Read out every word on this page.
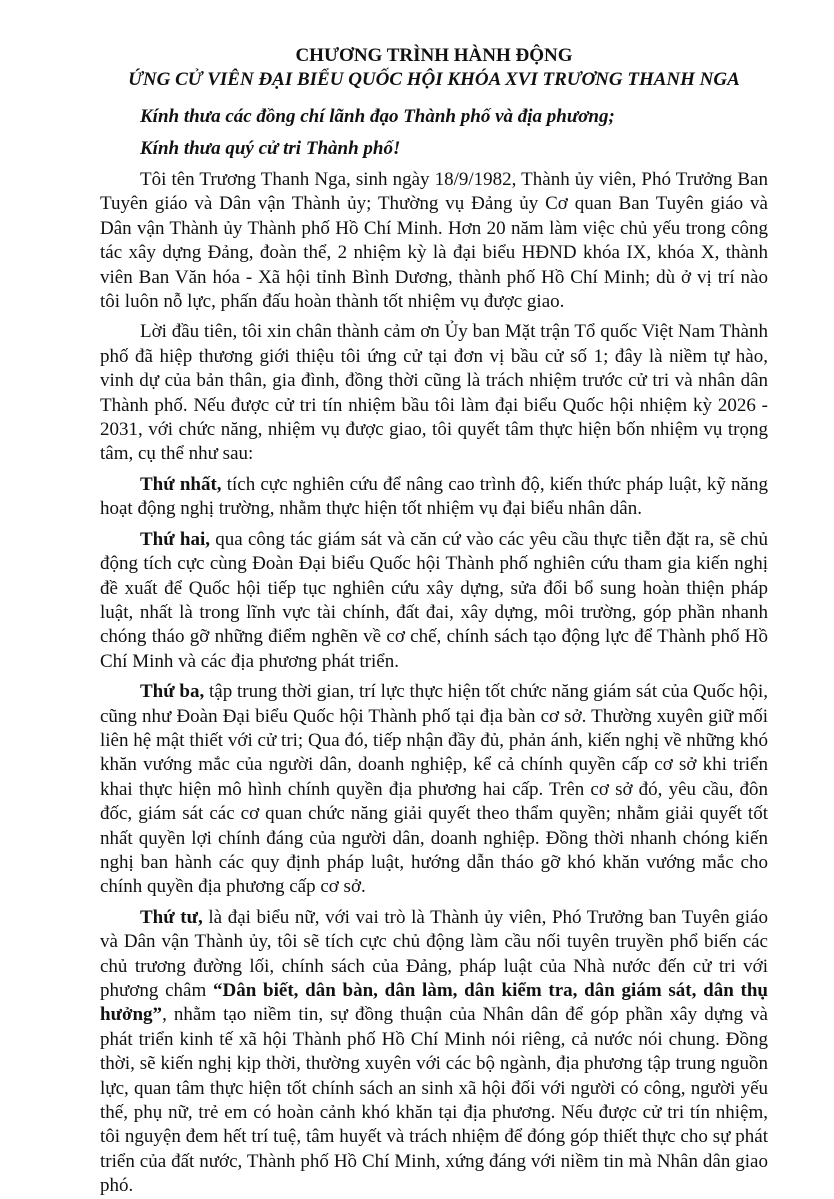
CHƯƠNG TRÌNH HÀNH ĐỘNG

ỨNG CỬ VIÊN ĐẠI BIỂU QUỐC HỘI KHÓA XVI TRƯƠNG THANH NGA

Kính thưa các đồng chí lãnh đạo Thành phố và địa phương;

Kính thưa quý cử tri Thành phố!

Tôi tên Trương Thanh Nga, sinh ngày 18/9/1982, Thành ủy viên, Phó Trưởng Ban Tuyên giáo và Dân vận Thành ủy; Thường vụ Đảng ủy Cơ quan Ban Tuyên giáo và Dân vận Thành ủy Thành phố Hồ Chí Minh. Hơn 20 năm làm việc chủ yếu trong công tác xây dựng Đảng, đoàn thể, 2 nhiệm kỳ là đại biểu HĐND khóa IX, khóa X, thành viên Ban Văn hóa - Xã hội tỉnh Bình Dương, thành phố Hồ Chí Minh; dù ở vị trí nào tôi luôn nỗ lực, phấn đấu hoàn thành tốt nhiệm vụ được giao.

Lời đầu tiên, tôi xin chân thành cảm ơn Ủy ban Mặt trận Tổ quốc Việt Nam Thành phố đã hiệp thương giới thiệu tôi ứng cử tại đơn vị bầu cử số 1; đây là niềm tự hào, vinh dự của bản thân, gia đình, đồng thời cũng là trách nhiệm trước cử tri và nhân dân Thành phố. Nếu được cử tri tín nhiệm bầu tôi làm đại biểu Quốc hội nhiệm kỳ 2026 - 2031, với chức năng, nhiệm vụ được giao, tôi quyết tâm thực hiện bốn nhiệm vụ trọng tâm, cụ thể như sau:

Thứ nhất, tích cực nghiên cứu để nâng cao trình độ, kiến thức pháp luật, kỹ năng hoạt động nghị trường, nhằm thực hiện tốt nhiệm vụ đại biểu nhân dân.

Thứ hai, qua công tác giám sát và căn cứ vào các yêu cầu thực tiễn đặt ra, sẽ chủ động tích cực cùng Đoàn Đại biểu Quốc hội Thành phố nghiên cứu tham gia kiến nghị đề xuất để Quốc hội tiếp tục nghiên cứu xây dựng, sửa đổi bổ sung hoàn thiện pháp luật, nhất là trong lĩnh vực tài chính, đất đai, xây dựng, môi trường, góp phần nhanh chóng tháo gỡ những điểm nghẽn về cơ chế, chính sách tạo động lực để Thành phố Hồ Chí Minh và các địa phương phát triển.

Thứ ba, tập trung thời gian, trí lực thực hiện tốt chức năng giám sát của Quốc hội, cũng như Đoàn Đại biểu Quốc hội Thành phố tại địa bàn cơ sở. Thường xuyên giữ mối liên hệ mật thiết với cử tri; Qua đó, tiếp nhận đầy đủ, phản ánh, kiến nghị về những khó khăn vướng mắc của người dân, doanh nghiệp, kể cả chính quyền cấp cơ sở khi triển khai thực hiện mô hình chính quyền địa phương hai cấp. Trên cơ sở đó, yêu cầu, đôn đốc, giám sát các cơ quan chức năng giải quyết theo thẩm quyền; nhằm giải quyết tốt nhất quyền lợi chính đáng của người dân, doanh nghiệp. Đồng thời nhanh chóng kiến nghị ban hành các quy định pháp luật, hướng dẫn tháo gỡ khó khăn vướng mắc cho chính quyền địa phương cấp cơ sở.

Thứ tư, là đại biểu nữ, với vai trò là Thành ủy viên, Phó Trưởng ban Tuyên giáo và Dân vận Thành ủy, tôi sẽ tích cực chủ động làm cầu nối tuyên truyền phổ biến các chủ trương đường lối, chính sách của Đảng, pháp luật của Nhà nước đến cử tri với phương châm “Dân biết, dân bàn, dân làm, dân kiểm tra, dân giám sát, dân thụ hưởng”, nhằm tạo niềm tin, sự đồng thuận của Nhân dân để góp phần xây dựng và phát triển kinh tế xã hội Thành phố Hồ Chí Minh nói riêng, cả nước nói chung. Đồng thời, sẽ kiến nghị kịp thời, thường xuyên với các bộ ngành, địa phương tập trung nguồn lực, quan tâm thực hiện tốt chính sách an sinh xã hội đối với người có công, người yếu thế, phụ nữ, trẻ em có hoàn cảnh khó khăn tại địa phương. Nếu được cử tri tín nhiệm, tôi nguyện đem hết trí tuệ, tâm huyết và trách nhiệm để đóng góp thiết thực cho sự phát triển của đất nước, Thành phố Hồ Chí Minh, xứng đáng với niềm tin mà Nhân dân giao phó.
